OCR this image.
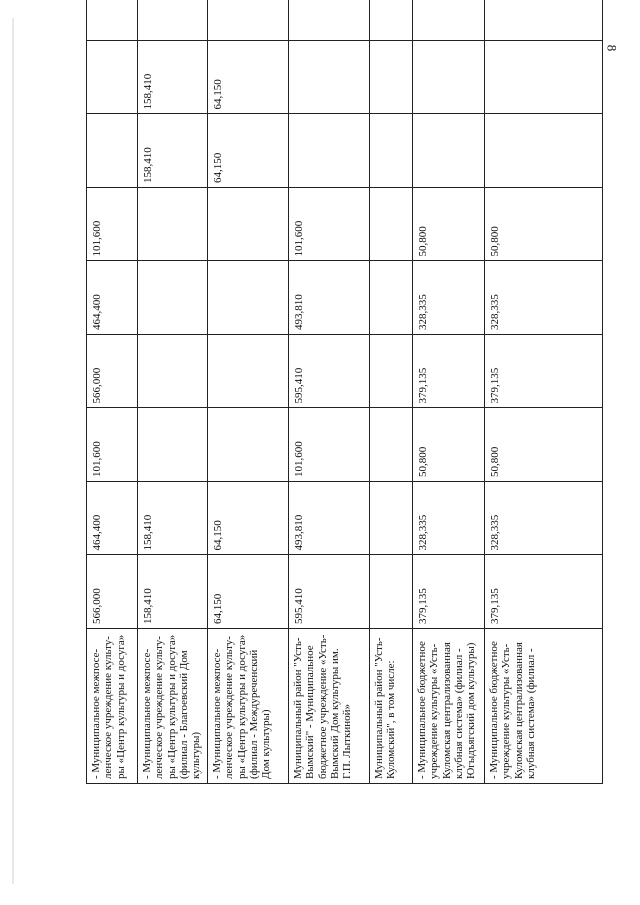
8
- Муниципальное межпосе-ленческое учреждение культу-ры «Центр культуры и досуга»	566,000	464,400	101,600	566,000	464,400	101,600			
- Муниципальное межпосе-ленческое учреждение культу-ры «Центр культуры и досуга» (филиал - Благоевский Дом культуры)	158,410	158,410					158,410	158,410	
- Муниципальное межпосе-ленческое учреждение культу-ры «Центр культуры и досуга» (филиал - Междуреченский Дом культуры)	64,150	64,150					64,150	64,150	
Муниципальный район "Усть-Вымский" - Муниципальное бюджетное учреждение «Усть-Вымский Дом культуры им. Г.П. Лыткиной»	595,410	493,810	101,600	595,410	493,810	101,600			
Муниципальный район "Усть-Куломский", в том числе:									
- Муниципальное бюджетное учреждение культуры «Усть-Куломская централизованная клубная система» (филиал - Югыдъягский дом культуры)	379,135	328,335	50,800	379,135	328,335	50,800			
- Муниципальное бюджетное учреждение культуры «Усть-Куломская централизованная клубная система» (филиал -	379,135	328,335	50,800	379,135	328,335	50,800			
